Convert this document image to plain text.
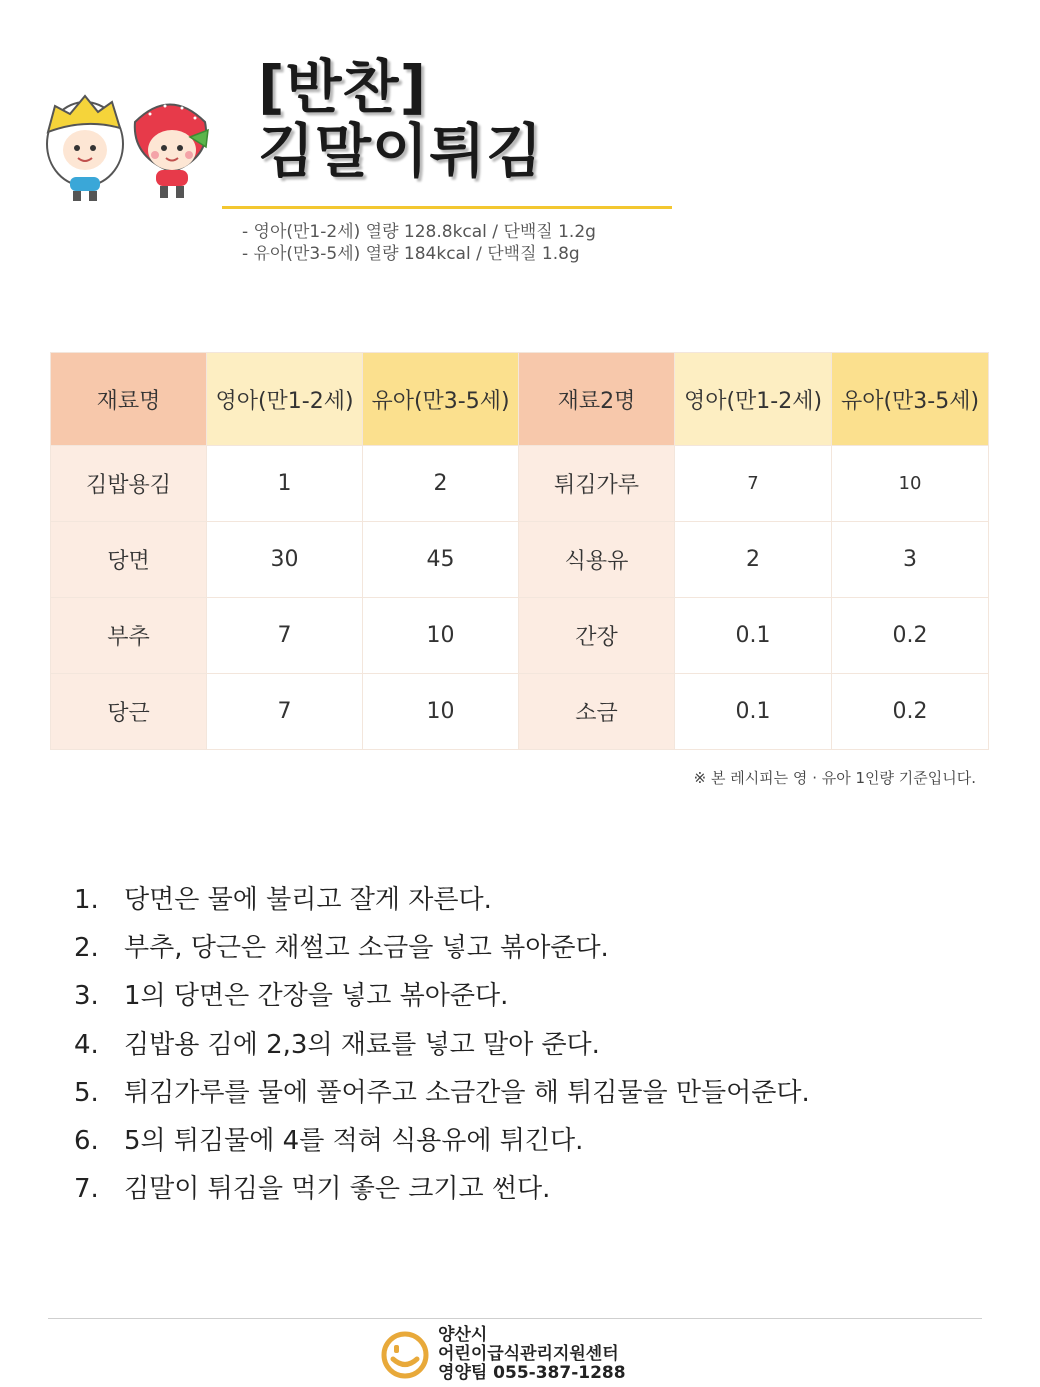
[반찬]
김말이튀김
- 영아(만1-2세) 열량 128.8kcal / 단백질 1.2g
- 유아(만3-5세) 열량 184kcal / 단백질 1.8g
재료명	영아(만1-2세)	유아(만3-5세)	재료2명	영아(만1-2세)	유아(만3-5세)
김밥용김	1	2	튀김가루	7	10
당면	30	45	식용유	2	3
부추	7	10	간장	0.1	0.2
당근	7	10	소금	0.1	0.2
※ 본 레시피는 영 · 유아 1인량 기준입니다.
1. 당면은 물에 불리고 잘게 자른다.
2. 부추, 당근은 채썰고 소금을 넣고 볶아준다.
3. 1의 당면은 간장을 넣고 볶아준다.
4. 김밥용 김에 2,3의 재료를 넣고 말아 준다.
5. 튀김가루를 물에 풀어주고 소금간을 해 튀김물을 만들어준다.
6. 5의 튀김물에 4를 적혀 식용유에 튀긴다.
7. 김말이 튀김을 먹기 좋은 크기고 썬다.
양산시
어린이급식관리지원센터
영양팀 055-387-1288
